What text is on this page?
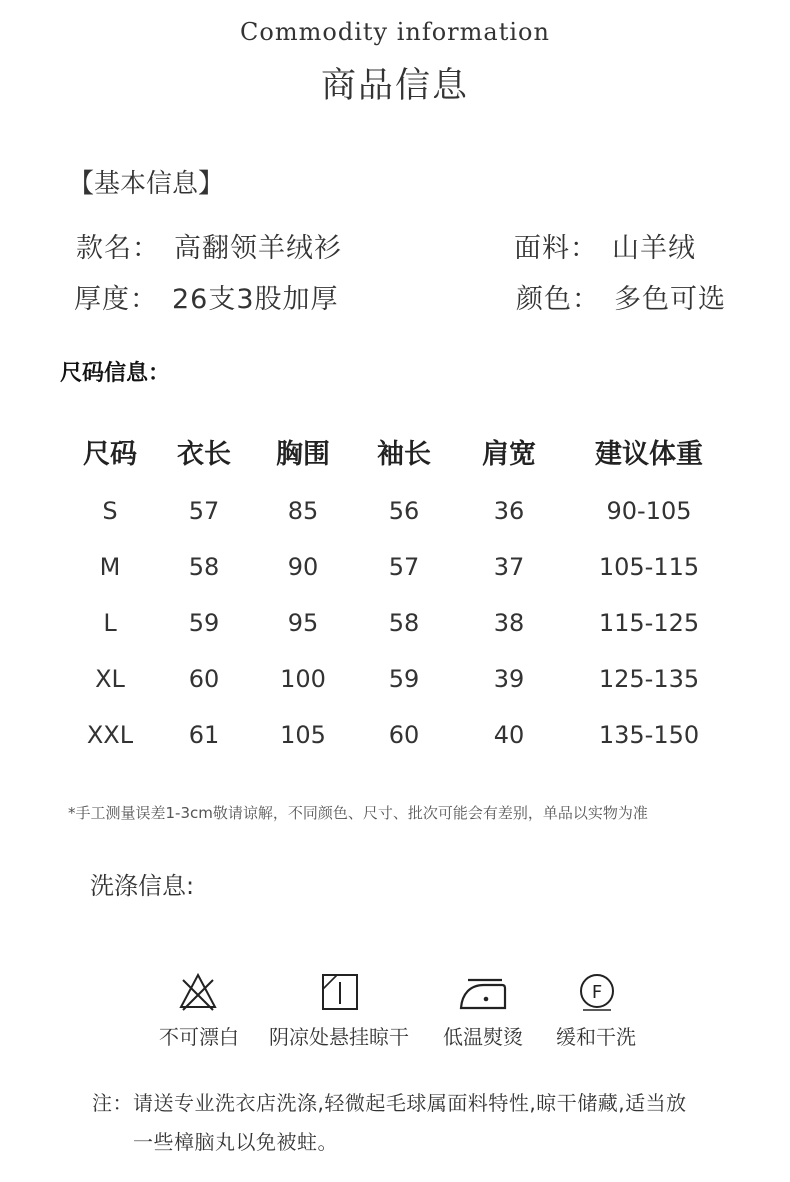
Commodity information
商品信息
【基本信息】
款名： 高翻领羊绒衫	面料： 山羊绒
厚度： 26支3股加厚	颜色： 多色可选
尺码信息：
尺码 衣长 胸围 袖长 肩宽 建议体重
S	57	85	56	36	90-105
M	58	90	57	37	105-115
L	59	95	58	38	115-125
XL	60	100	59	39	125-135
XXL 61	105	60	40	135-150
*手工测量误差1-3cm敬请谅解，不同颜色、尺寸、批次可能会有差别，单品以实物为准
洗涤信息:
不可漂白 阴凉处悬挂晾干 低温熨烫
F
缓和干洗
注： 请送专业洗衣店洗涤,轻微起毛球属面料特性,晾干储藏,适当放
一些樟脑丸以免被蛀。
